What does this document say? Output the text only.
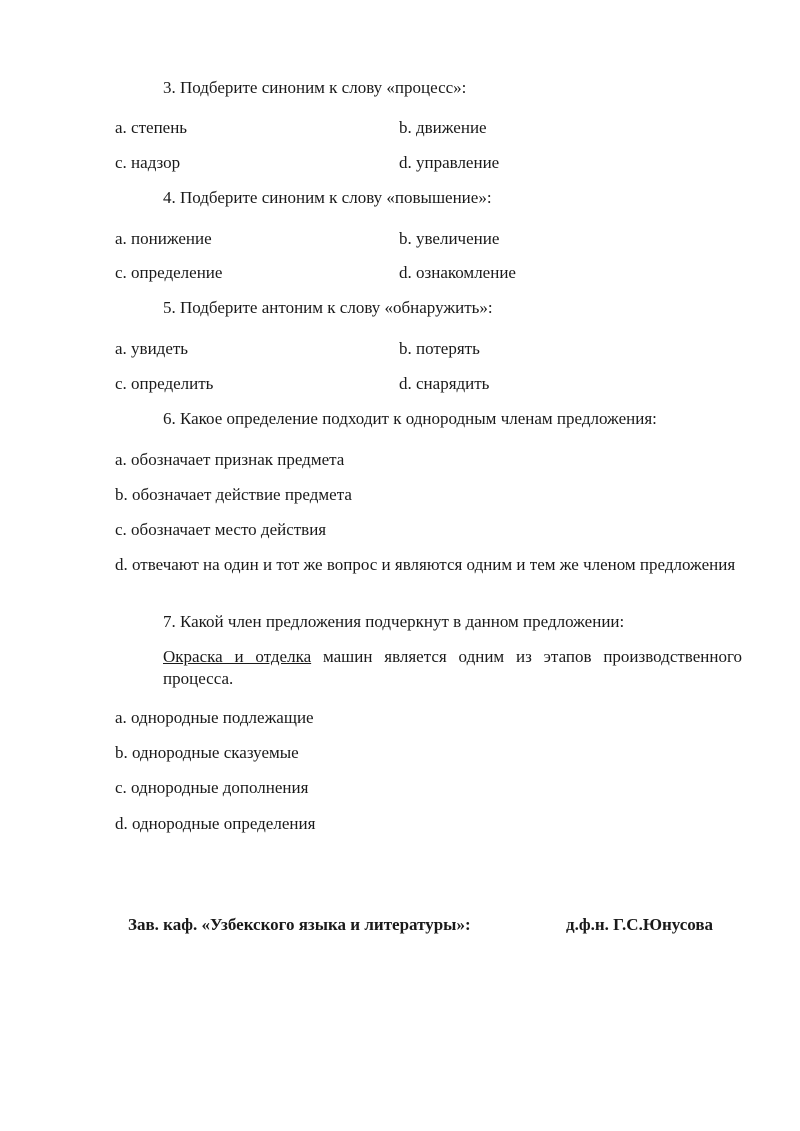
3. Подберите синоним к слову «процесс»:
a. степень	b. движение
c. надзор	d. управление
4. Подберите синоним к слову «повышение»:
a. понижение	b. увеличение
c. определение	d. ознакомление
5. Подберите антоним к слову «обнаружить»:
a. увидеть	b. потерять
c. определить	d. снарядить
6. Какое определение подходит к однородным членам предложения:
a. обозначает признак предмета
b. обозначает действие предмета
c. обозначает место действия
d. отвечают на один и тот же вопрос и являются одним и тем же членом предложения
7. Какой член предложения подчеркнут в данном предложении:
Окраска и отделка машин является одним из этапов производственного процесса.
a. однородные подлежащие
b. однородные сказуемые
c. однородные дополнения
d. однородные определения
Зав. каф. «Узбекского языка и литературы»:	д.ф.н. Г.С.Юнусова
